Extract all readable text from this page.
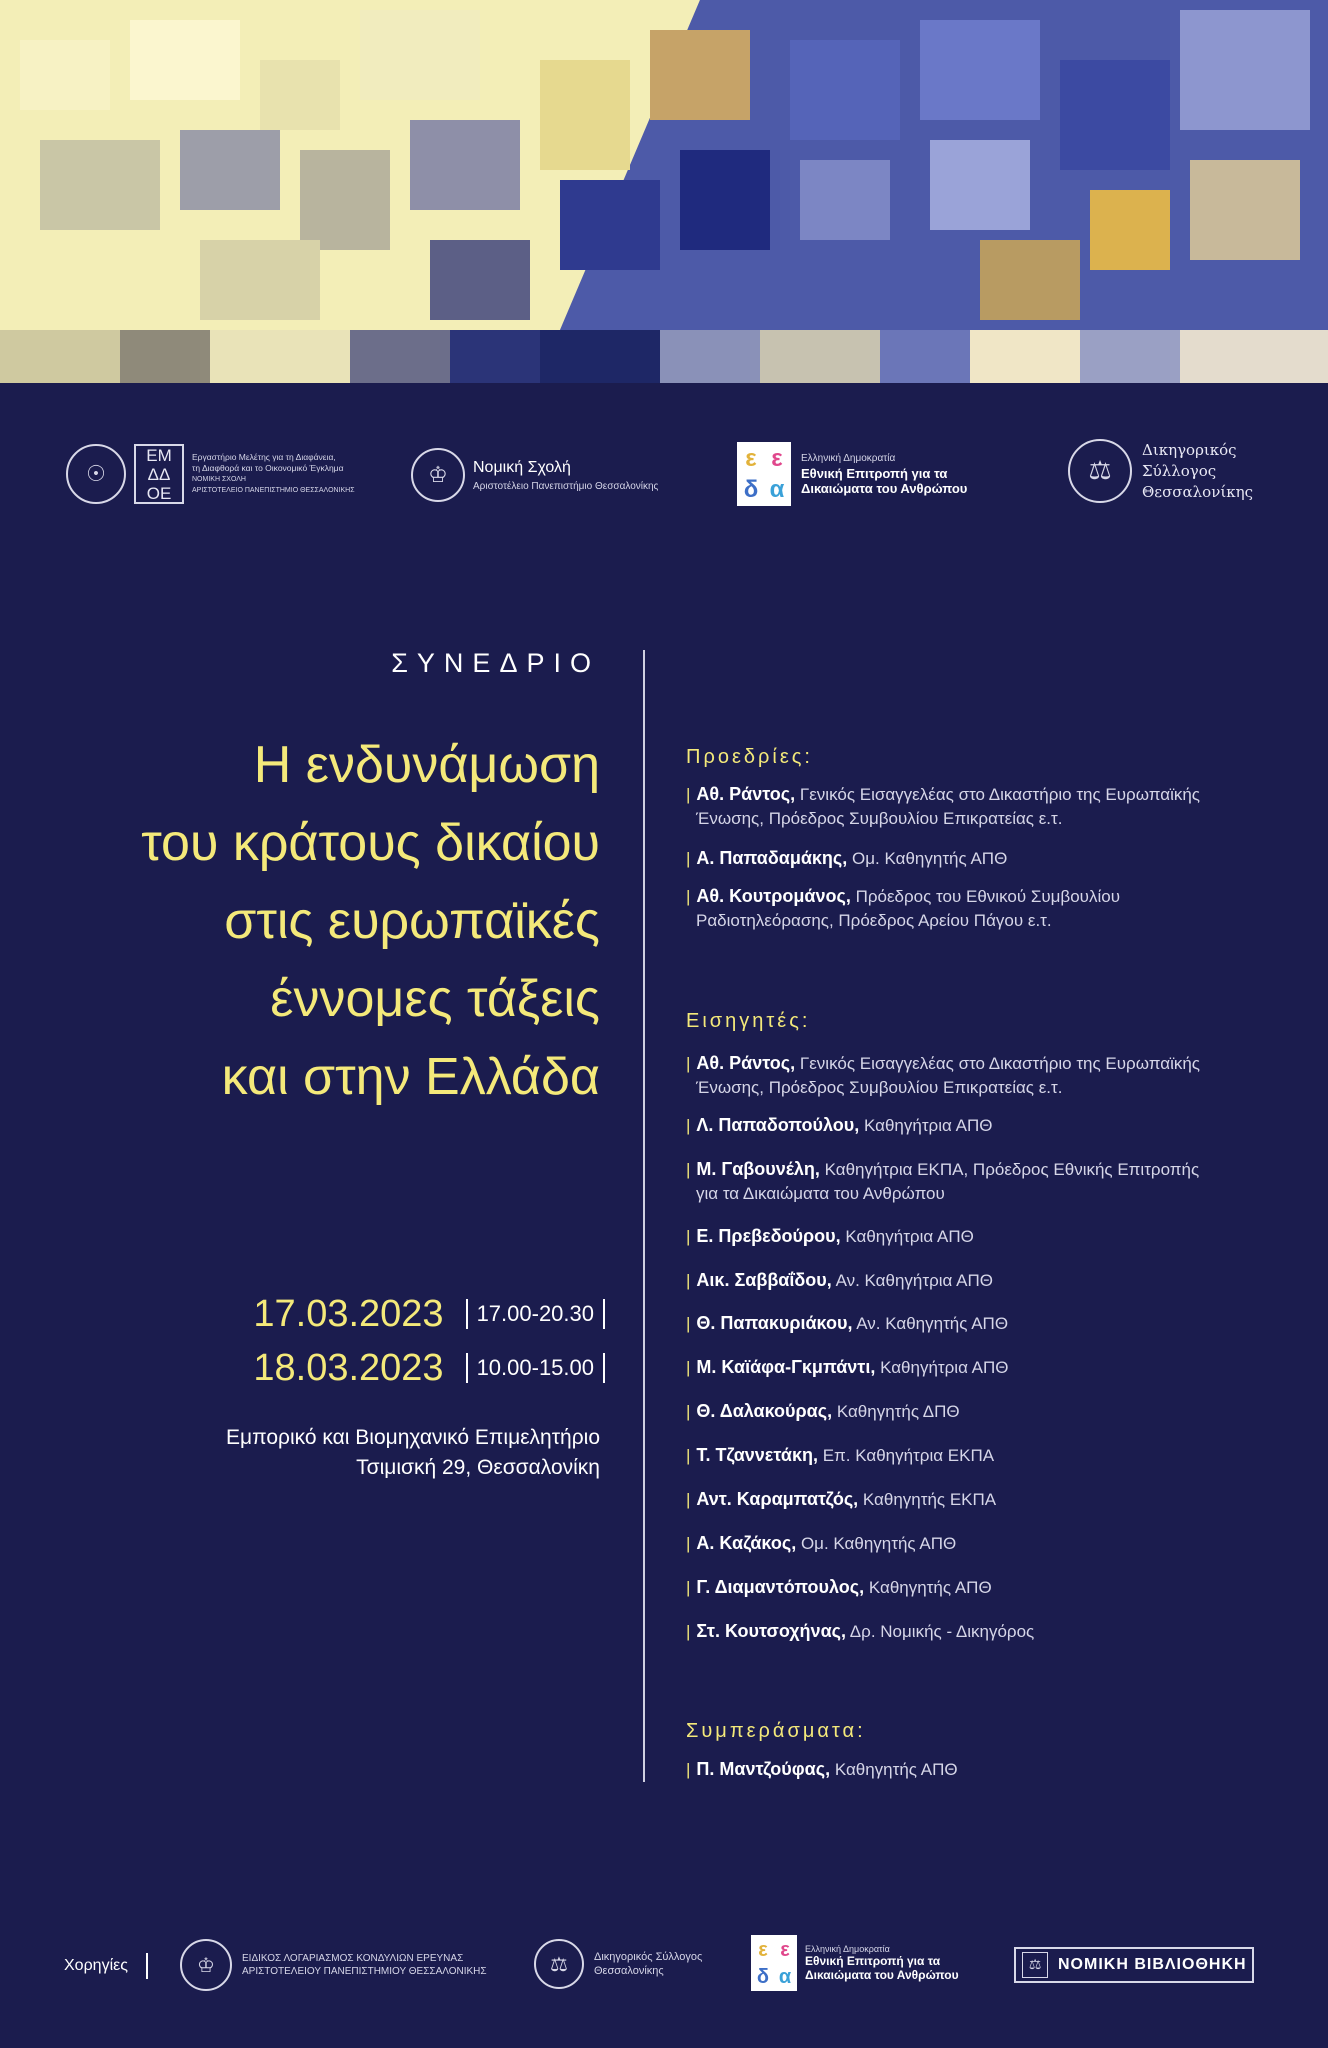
☉
ΕΜ
ΔΔ
ΟΕ
Εργαστήριο Μελέτης για τη Διαφάνεια,
τη Διαφθορά και το Οικονομικό Έγκλημα
ΝΟΜΙΚΗ ΣΧΟΛΗ
ΑΡΙΣΤΟΤΕΛΕΙΟ ΠΑΝΕΠΙΣΤΗΜΙΟ ΘΕΣΣΑΛΟΝΙΚΗΣ
♔	Νομική Σχολή
Αριστοτέλειο Πανεπιστήμιο Θεσσαλονίκης
ε ε
δ α
Ελληνική Δημοκρατία
Εθνική Επιτροπή για τα
Δικαιώματα του Ανθρώπου
⚖
Δικηγορικός
Σύλλογος
Θεσσαλονίκης
ΣΥΝΕΔΡΙΟ
Η ενδυνάμωση
του κράτους δικαίου
στις ευρωπαϊκές
έννομες τάξεις
και στην Ελλάδα
17.03.2023	17.00-20.30
18.03.2023	10.00-15.00
Εμπορικό και Βιομηχανικό Επιμελητήριο
Τσιμισκή 29, Θεσσαλονίκη
Προεδρίες:
| Αθ. Ράντος, Γενικός Εισαγγελέας στο Δικαστήριο της Ευρωπαϊκής
Ένωσης, Πρόεδρος Συμβουλίου Επικρατείας ε.τ.
| Α. Παπαδαμάκης, Ομ. Καθηγητής ΑΠΘ
| Αθ. Κουτρομάνος, Πρόεδρος του Εθνικού Συμβουλίου
Ραδιοτηλεόρασης, Πρόεδρος Αρείου Πάγου ε.τ.
Εισηγητές:
| Αθ. Ράντος, Γενικός Εισαγγελέας στο Δικαστήριο της Ευρωπαϊκής
Ένωσης, Πρόεδρος Συμβουλίου Επικρατείας ε.τ.
| Λ. Παπαδοπούλου, Καθηγήτρια ΑΠΘ
| Μ. Γαβουνέλη, Καθηγήτρια ΕΚΠΑ, Πρόεδρος Εθνικής Επιτροπής
για τα Δικαιώματα του Ανθρώπου
| Ε. Πρεβεδούρου, Καθηγήτρια ΑΠΘ
| Αικ. Σαββαΐδου, Αν. Καθηγήτρια ΑΠΘ
| Θ. Παπακυριάκου, Αν. Καθηγητής ΑΠΘ
| Μ. Καϊάφα-Γκμπάντι, Καθηγήτρια ΑΠΘ
| Θ. Δαλακούρας, Καθηγητής ΔΠΘ
| Τ. Τζαννετάκη, Επ. Καθηγήτρια ΕΚΠΑ
| Αντ. Καραμπατζός, Καθηγητής ΕΚΠΑ
| Α. Καζάκος, Ομ. Καθηγητής ΑΠΘ
| Γ. Διαμαντόπουλος, Καθηγητής ΑΠΘ
| Στ. Κουτσοχήνας, Δρ. Νομικής - Δικηγόρος
Συμπεράσματα:
| Π. Μαντζούφας, Καθηγητής ΑΠΘ
Χορηγίες	♔	ΕΙΔΙΚΟΣ ΛΟΓΑΡΙΑΣΜΟΣ ΚΟΝΔΥΛΙΩΝ ΕΡΕΥΝΑΣ
ΑΡΙΣΤΟΤΕΛΕΙΟΥ ΠΑΝΕΠΙΣΤΗΜΙΟΥ ΘΕΣΣΑΛΟΝΙΚΗΣ	⚖	Δικηγορικός Σύλλογος
Θεσσαλονίκης
ε ε
δ α
Ελληνική Δημοκρατία
Εθνική Επιτροπή για τα
Δικαιώματα του Ανθρώπου
⚖	ΝΟΜΙΚΗ ΒΙΒΛΙΟΘΗΚΗ
